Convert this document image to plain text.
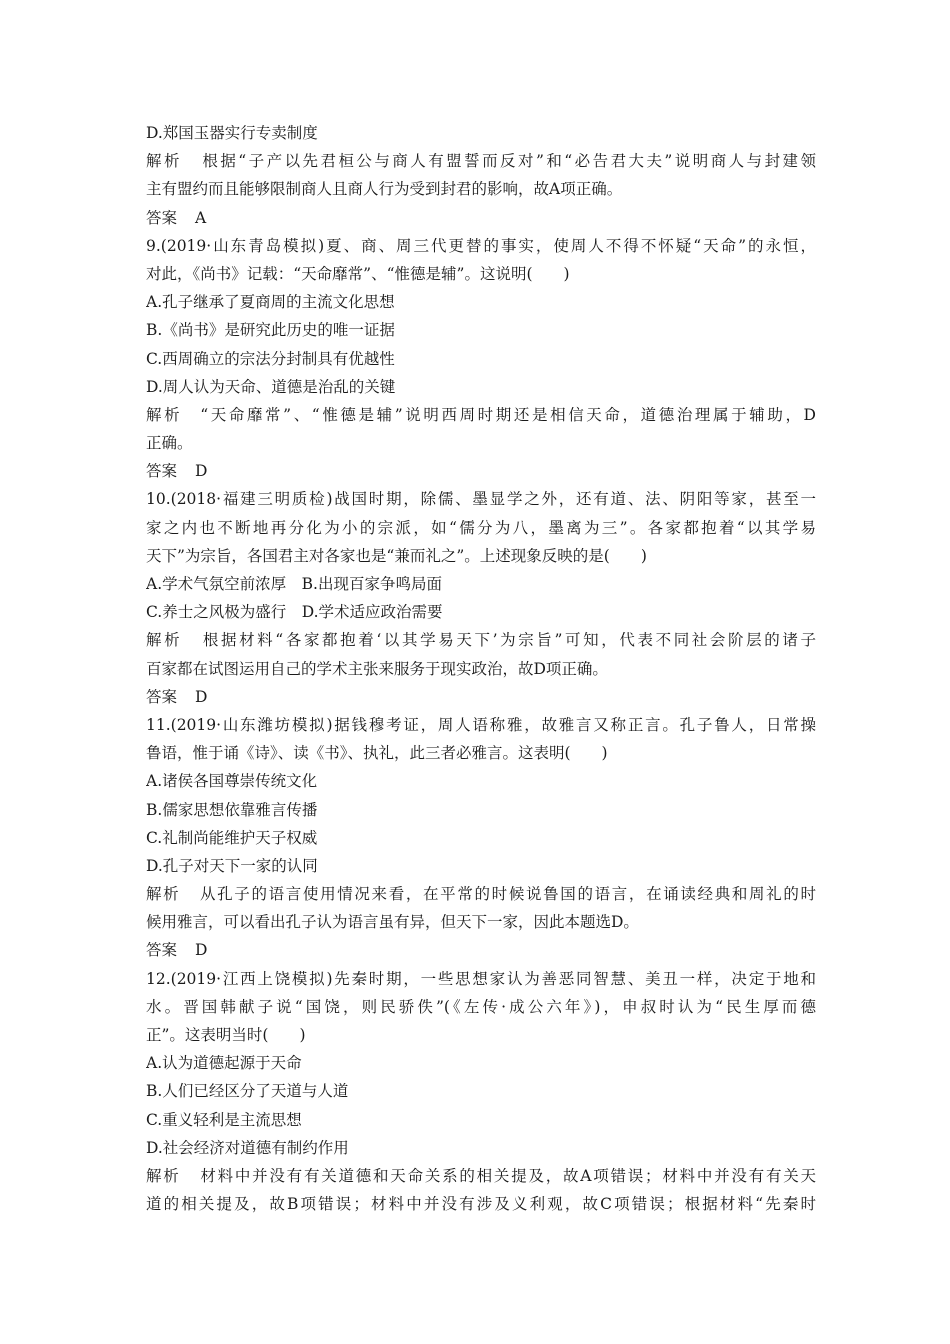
D.郑国玉器实行专卖制度
解析 根据“子产以先君桓公与商人有盟誓而反对”和“必告君大夫”说明商人与封建领
主有盟约而且能够限制商人且商人行为受到封君的影响，故A项正确。
答案 A
9.(2019·山东青岛模拟)夏、商、周三代更替的事实，使周人不得不怀疑“天命”的永恒，
对此，《尚书》记载：“天命靡常”、“惟德是辅”。这说明(　　)
A.孔子继承了夏商周的主流文化思想
B.《尚书》是研究此历史的唯一证据
C.西周确立的宗法分封制具有优越性
D.周人认为天命、道德是治乱的关键
解析 “天命靡常”、“惟德是辅”说明西周时期还是相信天命，道德治理属于辅助，D
正确。
答案 D
10.(2018·福建三明质检)战国时期，除儒、墨显学之外，还有道、法、阴阳等家，甚至一
家之内也不断地再分化为小的宗派，如“儒分为八，墨离为三”。各家都抱着“以其学易
天下”为宗旨，各国君主对各家也是“兼而礼之”。上述现象反映的是(　　)
A.学术气氛空前浓厚　B.出现百家争鸣局面
C.养士之风极为盛行　D.学术适应政治需要
解析 根据材料“各家都抱着‘以其学易天下’为宗旨”可知，代表不同社会阶层的诸子
百家都在试图运用自己的学术主张来服务于现实政治，故D项正确。
答案 D
11.(2019·山东潍坊模拟)据钱穆考证，周人语称雅，故雅言又称正言。孔子鲁人，日常操
鲁语，惟于诵《诗》、读《书》、执礼，此三者必雅言。这表明(　　)
A.诸侯各国尊崇传统文化
B.儒家思想依靠雅言传播
C.礼制尚能维护天子权威
D.孔子对天下一家的认同
解析 从孔子的语言使用情况来看，在平常的时候说鲁国的语言，在诵读经典和周礼的时
候用雅言，可以看出孔子认为语言虽有异，但天下一家，因此本题选D。
答案 D
12.(2019·江西上饶模拟)先秦时期，一些思想家认为善恶同智慧、美丑一样，决定于地和
水。晋国韩献子说“国饶，则民骄佚”(《左传·成公六年》)，申叔时认为“民生厚而德
正”。这表明当时(　　)
A.认为道德起源于天命
B.人们已经区分了天道与人道
C.重义轻利是主流思想
D.社会经济对道德有制约作用
解析 材料中并没有有关道德和天命关系的相关提及，故A项错误；材料中并没有有关天
道的相关提及，故B项错误；材料中并没有涉及义利观，故C项错误；根据材料“先秦时
